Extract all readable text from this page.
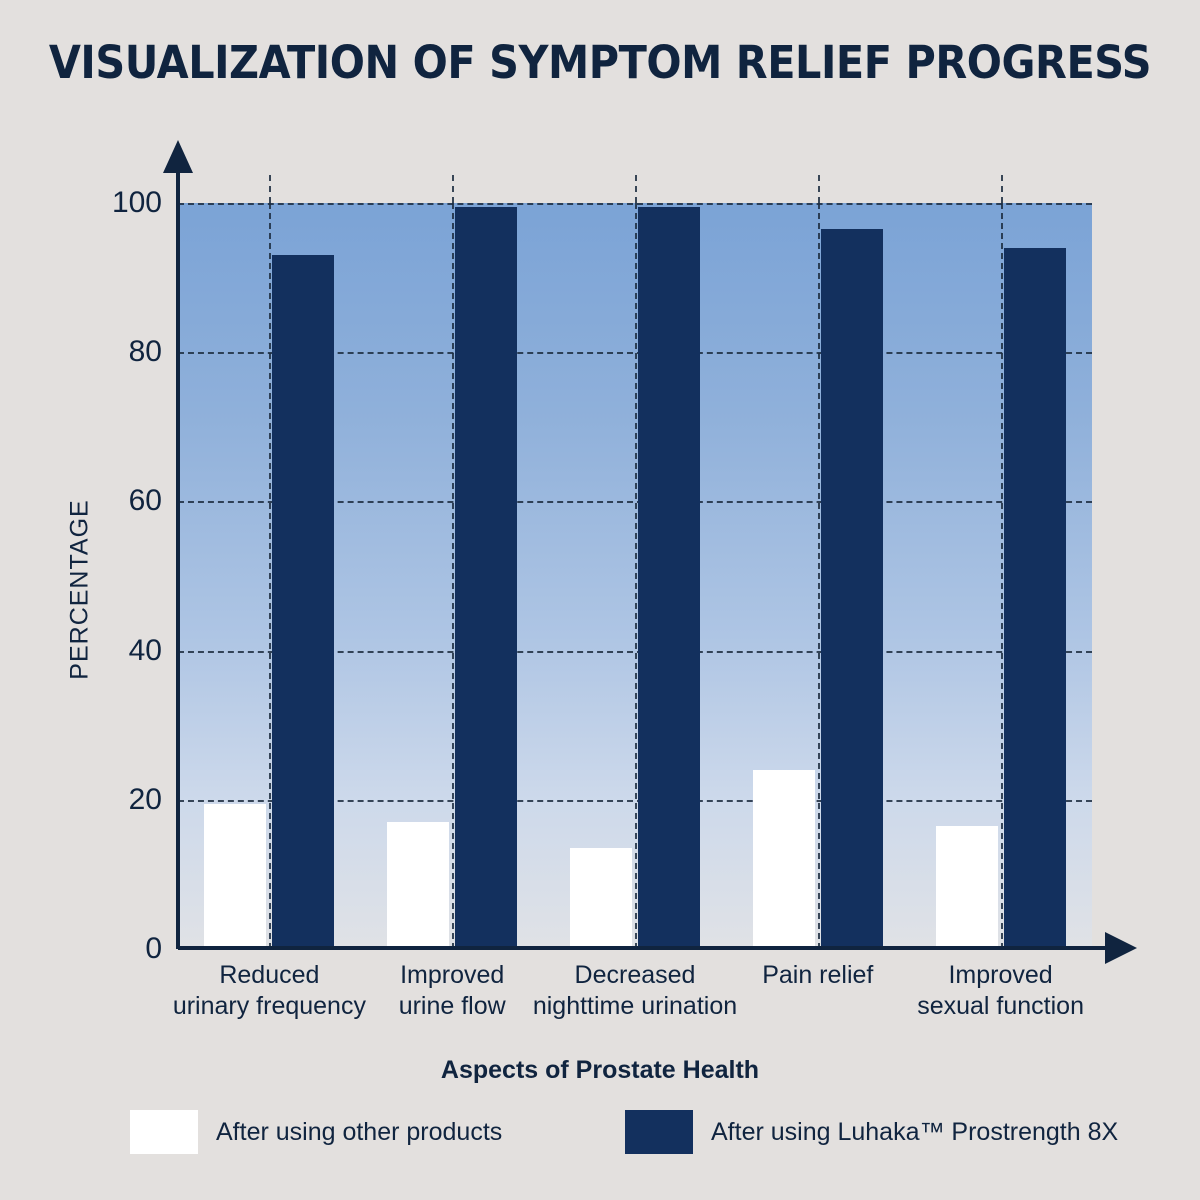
VISUALIZATION OF SYMPTOM RELIEF PROGRESS
PERCENTAGE
0
20
40
60
80
100
Reduced
urinary frequency
Improved
urine flow
Decreased
nighttime urination
Pain relief	Improved
sexual function
Aspects of Prostate Health
After using other products	After using Luhaka™ Prostrength 8X
